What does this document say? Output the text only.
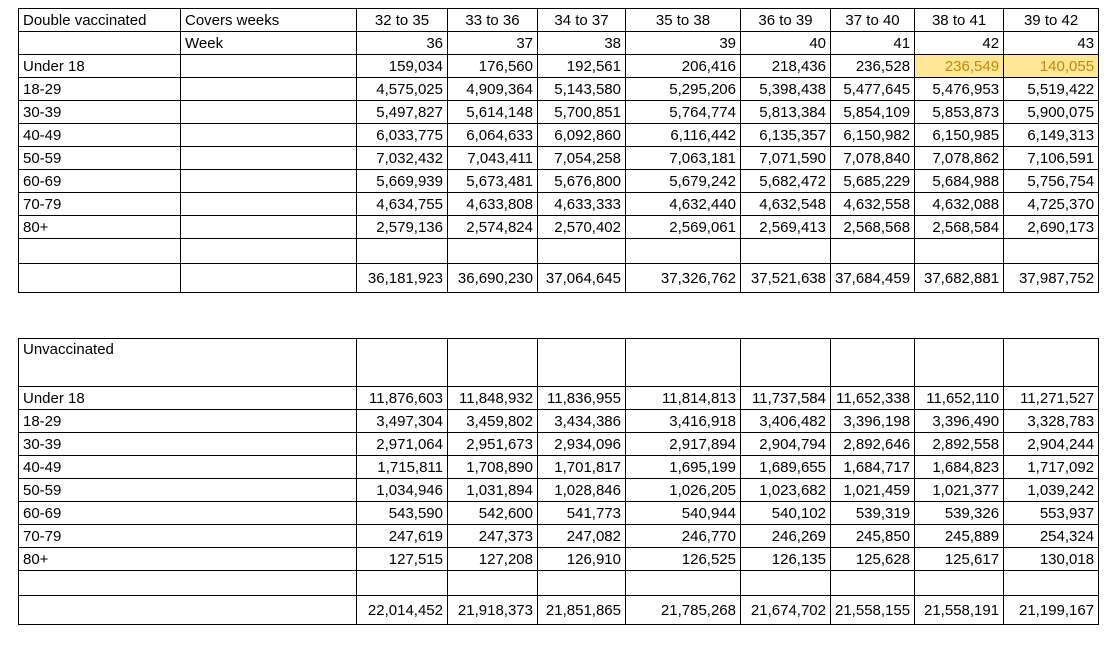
Double vaccinated	Covers weeks	32 to 35	33 to 36	34 to 37	35 to 38	36 to 39	37 to 40	38 to 41	39 to 42
	Week	36	37	38	39	40	41	42	43
Under 18		159,034	176,560	192,561	206,416	218,436	236,528	236,549	140,055
18-29		4,575,025	4,909,364	5,143,580	5,295,206	5,398,438	5,477,645	5,476,953	5,519,422
30-39		5,497,827	5,614,148	5,700,851	5,764,774	5,813,384	5,854,109	5,853,873	5,900,075
40-49		6,033,775	6,064,633	6,092,860	6,116,442	6,135,357	6,150,982	6,150,985	6,149,313
50-59		7,032,432	7,043,411	7,054,258	7,063,181	7,071,590	7,078,840	7,078,862	7,106,591
60-69		5,669,939	5,673,481	5,676,800	5,679,242	5,682,472	5,685,229	5,684,988	5,756,754
70-79		4,634,755	4,633,808	4,633,333	4,632,440	4,632,548	4,632,558	4,632,088	4,725,370
80+		2,579,136	2,574,824	2,570,402	2,569,061	2,569,413	2,568,568	2,568,584	2,690,173

		36,181,923	36,690,230	37,064,645	37,326,762	37,521,638	37,684,459	37,682,881	37,987,752
Unvaccinated								
Under 18	11,876,603	11,848,932	11,836,955	11,814,813	11,737,584	11,652,338	11,652,110	11,271,527
18-29	3,497,304	3,459,802	3,434,386	3,416,918	3,406,482	3,396,198	3,396,490	3,328,783
30-39	2,971,064	2,951,673	2,934,096	2,917,894	2,904,794	2,892,646	2,892,558	2,904,244
40-49	1,715,811	1,708,890	1,701,817	1,695,199	1,689,655	1,684,717	1,684,823	1,717,092
50-59	1,034,946	1,031,894	1,028,846	1,026,205	1,023,682	1,021,459	1,021,377	1,039,242
60-69	543,590	542,600	541,773	540,944	540,102	539,319	539,326	553,937
70-79	247,619	247,373	247,082	246,770	246,269	245,850	245,889	254,324
80+	127,515	127,208	126,910	126,525	126,135	125,628	125,617	130,018

	22,014,452	21,918,373	21,851,865	21,785,268	21,674,702	21,558,155	21,558,191	21,199,167
